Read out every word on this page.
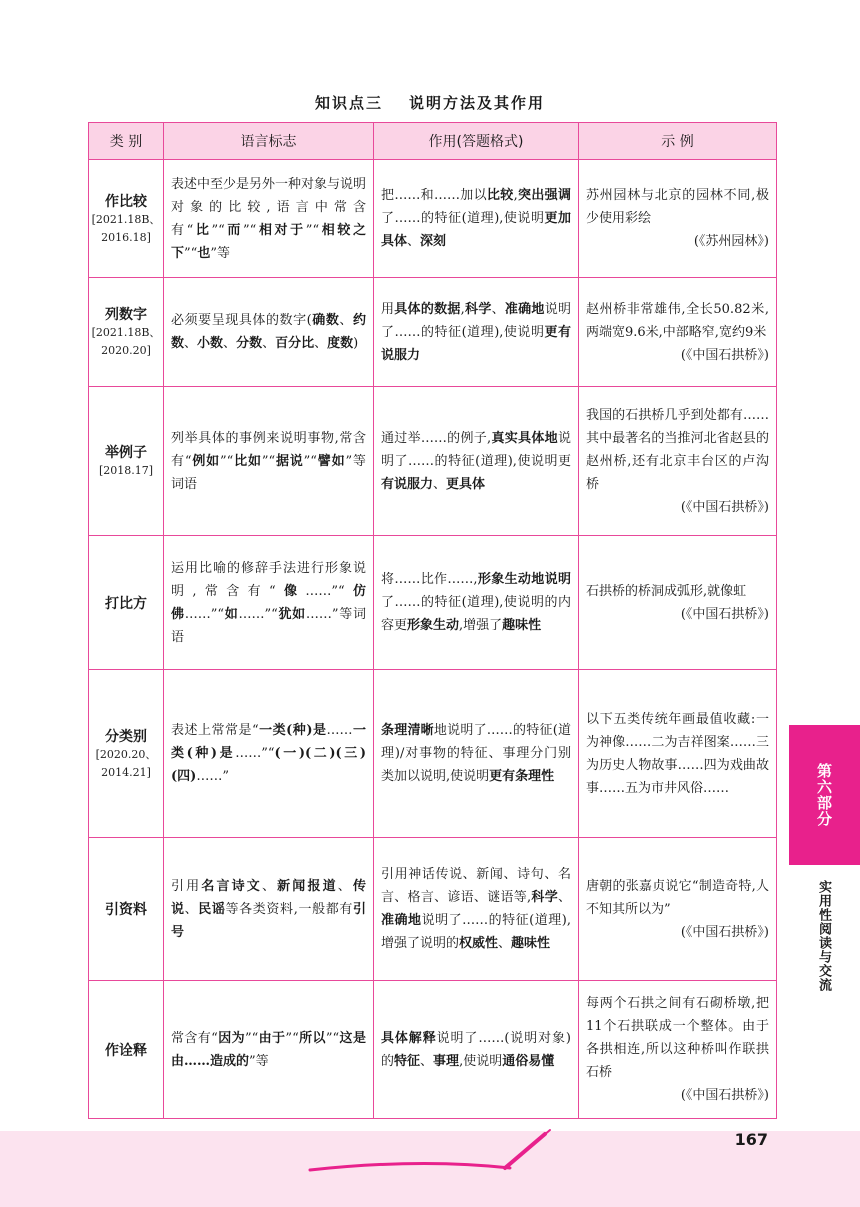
知识点三 说明方法及其作用
类 别	语言标志	作用(答题格式)	示 例

作比较
[2021.18B、
2016.18]	表述中至少是另外一种对象与说明对象的比较,语言中常含有“比”“而”“相对于”“相较之下”“也”等	把……和……加以比较,突出强调了……的特征(道理),使说明更加具体、深刻	苏州园林与北京的园林不同,极少使用彩绘
(《苏州园林》)

列数字
[2021.18B、
2020.20]	必须要呈现具体的数字(确数、约数、小数、分数、百分比、度数)	用具体的数据,科学、准确地说明了……的特征(道理),使说明更有说服力	赵州桥非常雄伟,全长50.82米,两端宽9.6米,中部略窄,宽约9米
(《中国石拱桥》)

举例子
[2018.17]	列举具体的事例来说明事物,常含有“例如”“比如”“据说”“譬如”等词语	通过举……的例子,真实具体地说明了……的特征(道理),使说明更有说服力、更具体	我国的石拱桥几乎到处都有……其中最著名的当推河北省赵县的赵州桥,还有北京丰台区的卢沟桥
(《中国石拱桥》)

打比方	运用比喻的修辞手法进行形象说明,常含有“像……”“仿佛……”“如……”“犹如……”等词语	将……比作……,形象生动地说明了……的特征(道理),使说明的内容更形象生动,增强了趣味性	石拱桥的桥洞成弧形,就像虹
(《中国石拱桥》)

分类别
[2020.20、
2014.21]	表述上常常是“一类(种)是……一类(种)是……”“(一)(二)(三)(四)……”	条理清晰地说明了……的特征(道理)/对事物的特征、事理分门别类加以说明,使说明更有条理性	以下五类传统年画最值收藏:一为神像……二为吉祥图案……三为历史人物故事……四为戏曲故事……五为市井风俗……

引资料	引用名言诗文、新闻报道、传说、民谣等各类资料,一般都有引号	引用神话传说、新闻、诗句、名言、格言、谚语、谜语等,科学、准确地说明了……的特征(道理),增强了说明的权威性、趣味性	唐朝的张嘉贞说它“制造奇特,人不知其所以为”
(《中国石拱桥》)

作诠释	常含有“因为”“由于”“所以”“这是由……造成的”等	具体解释说明了……(说明对象)的特征、事理,使说明通俗易懂	每两个石拱之间有石砌桥墩,把11个石拱联成一个整体。由于各拱相连,所以这种桥叫作联拱石桥
(《中国石拱桥》)
第六部分
实用性阅读与交流
167
